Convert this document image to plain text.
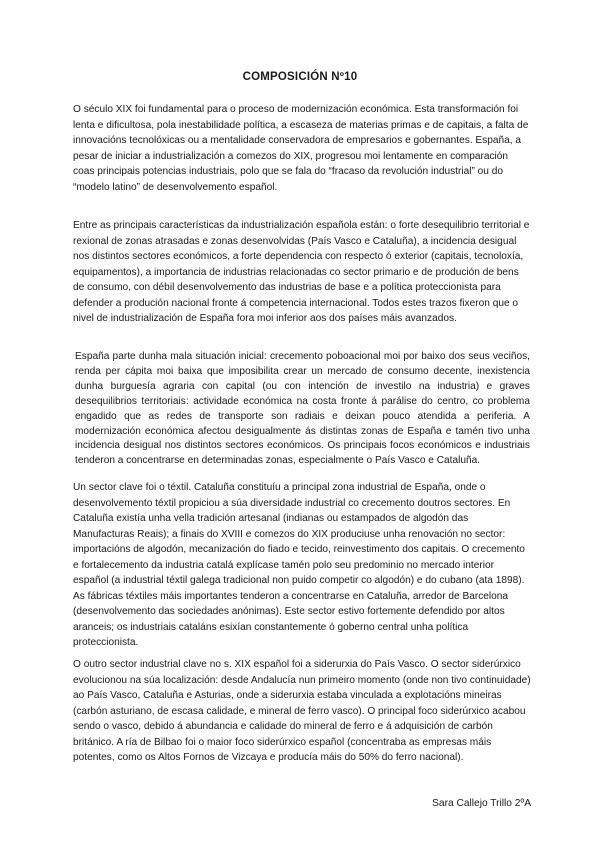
COMPOSICIÓN Nº10

O século XIX foi fundamental para o proceso de modernización económica. Esta transformación foi lenta e dificultosa, pola inestabilidade política, a escaseza de materias primas e de capitais, a falta de innovacións tecnolóxicas ou a mentalidade conservadora de empresarios e gobernantes. España, a pesar de iniciar a industrialización a comezos do XIX, progresou moi lentamente en comparación coas principais potencias industriais, polo que se fala do “fracaso da revolución industrial” ou do “modelo latino” de desenvolvemento español.

Entre as principais características da industrialización española están: o forte desequilibrio territorial e rexional de zonas atrasadas e zonas desenvolvidas (País Vasco e Cataluña), a incidencia desigual nos distintos sectores económicos, a forte dependencia con respecto ó exterior (capitais, tecnoloxía, equipamentos), a importancia de industrias relacionadas co sector primario e de produción de bens de consumo, con débil desenvolvemento das industrias de base e a política proteccionista para defender a produción nacional fronte á competencia internacional. Todos estes trazos fixeron que o nivel de industrialización de España fora moi inferior aos dos países máis avanzados.

España parte dunha mala situación inicial: crecemento poboacional moi por baixo dos seus veciños, renda per cápita moi baixa que imposibilita crear un mercado de consumo decente, inexistencia dunha burguesía agraria con capital (ou con intención de investilo na industria) e graves desequilibrios territoriais: actividade económica na costa fronte á parálise do centro, co problema engadido que as redes de transporte son radiais e deixan pouco atendida a periferia. A modernización económica afectou desigualmente ás distintas zonas de España e tamén tivo unha incidencia desigual nos distintos sectores económicos. Os principais focos económicos e industriais tenderon a concentrarse en determinadas zonas, especialmente o País Vasco e Cataluña.

Un sector clave foi o téxtil. Cataluña constituíu a principal zona industrial de España, onde o desenvolvemento téxtil propiciou a súa diversidade industrial co crecemento doutros sectores. En Cataluña existía unha vella tradición artesanal (indianas ou estampados de algodón das Manufacturas Reais); a finais do XVIII e comezos do XIX produciuse unha renovación no sector: importacións de algodón, mecanización do fiado e tecido, reinvestimento dos capitais. O crecemento e fortalecemento da industria catalá explícase tamén polo seu predominio no mercado interior español (a industrial téxtil galega tradicional non puido competir co algodón) e do cubano (ata 1898). As fábricas téxtiles máis importantes tenderon a concentrarse en Cataluña, arredor de Barcelona (desenvolvemento das sociedades anónimas). Este sector estivo fortemente defendido por altos aranceis; os industriais cataláns esixían constantemente ó goberno central unha política proteccionista.

O outro sector industrial clave no s. XIX español foi a siderurxia do País Vasco. O sector siderúrxico evolucionou na súa localización: desde Andalucía nun primeiro momento (onde non tivo continuidade) ao País Vasco, Cataluña e Asturias, onde a siderurxia estaba vinculada a explotacións mineiras (carbón asturiano, de escasa calidade, e mineral de ferro vasco). O principal foco siderúrxico acabou sendo o vasco, debido á abundancia e calidade do mineral de ferro e á adquisición de carbón británico. A ría de Bilbao foi o maior foco siderúrxico español (concentraba as empresas máis potentes, como os Altos Fornos de Vizcaya e producía máis do 50% do ferro nacional).

Sara Callejo Trillo 2ºA
